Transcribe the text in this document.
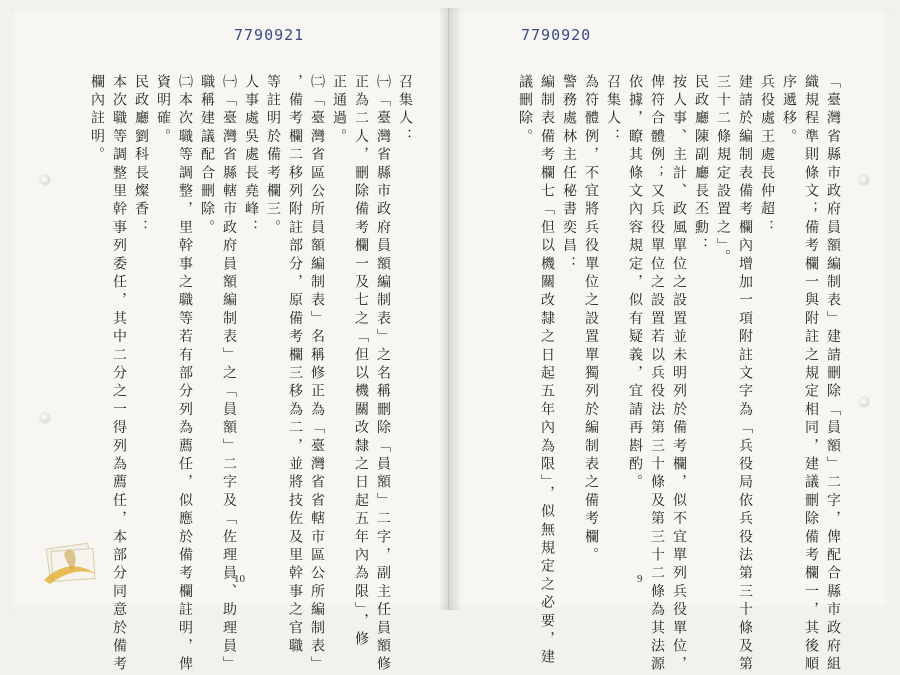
7790921
召集人：
㈠「臺灣省縣市政府員額編制表」之名稱刪除「員額」二字，副主任員額修
正為二人，刪除備考欄一及七之「但以機關改隸之日起五年內為限」，修
正通過。
㈡「臺灣省區公所員額編制表」名稱修正為「臺灣省省轄市區公所編制表」
，備考欄二移列附註部分，原備考欄三移為二，並將技佐及里幹事之官職
等註明於備考欄三。
人事處吳處長堯峰：
㈠「臺灣省縣轄市政府員額編制表」之「員額」二字及「佐理員、助理員」
職稱建議配合刪除。
㈡本次職等調整，里幹事之職等若有部分列為薦任，似應於備考欄註明，俾
資明確。
民政廳劉科長燦香：
本次職等調整里幹事列委任，其中二分之一得列為薦任，本部分同意於備考
欄內註明。
10
7790920
「臺灣省縣市政府員額編制表」建請刪除「員額」二字，俾配合縣市政府組
織規程準則條文；備考欄一與附註之規定相同，建議刪除備考欄一，其後順
序遞移。
兵役處王處長仲超：
建請於編制表備考欄內增加一項附註文字為「兵役局依兵役法第三十條及第
三十二條規定設置之」。
民政廳陳副廳長丕勳：
按人事、主計、政風單位之設置並未明列於備考欄，似不宜單列兵役單位，
俾符合體例；又兵役單位之設置若以兵役法第三十條及第三十二條為其法源
依據，瞭其條文內容規定，似有疑義，宜請再斟酌。
召集人：
為符體例，不宜將兵役單位之設置單獨列於編制表之備考欄。
警務處林主任秘書奕昌：
編制表備考欄七「但以機關改隸之日起五年內為限」，似無規定之必要，建
議刪除。
9
